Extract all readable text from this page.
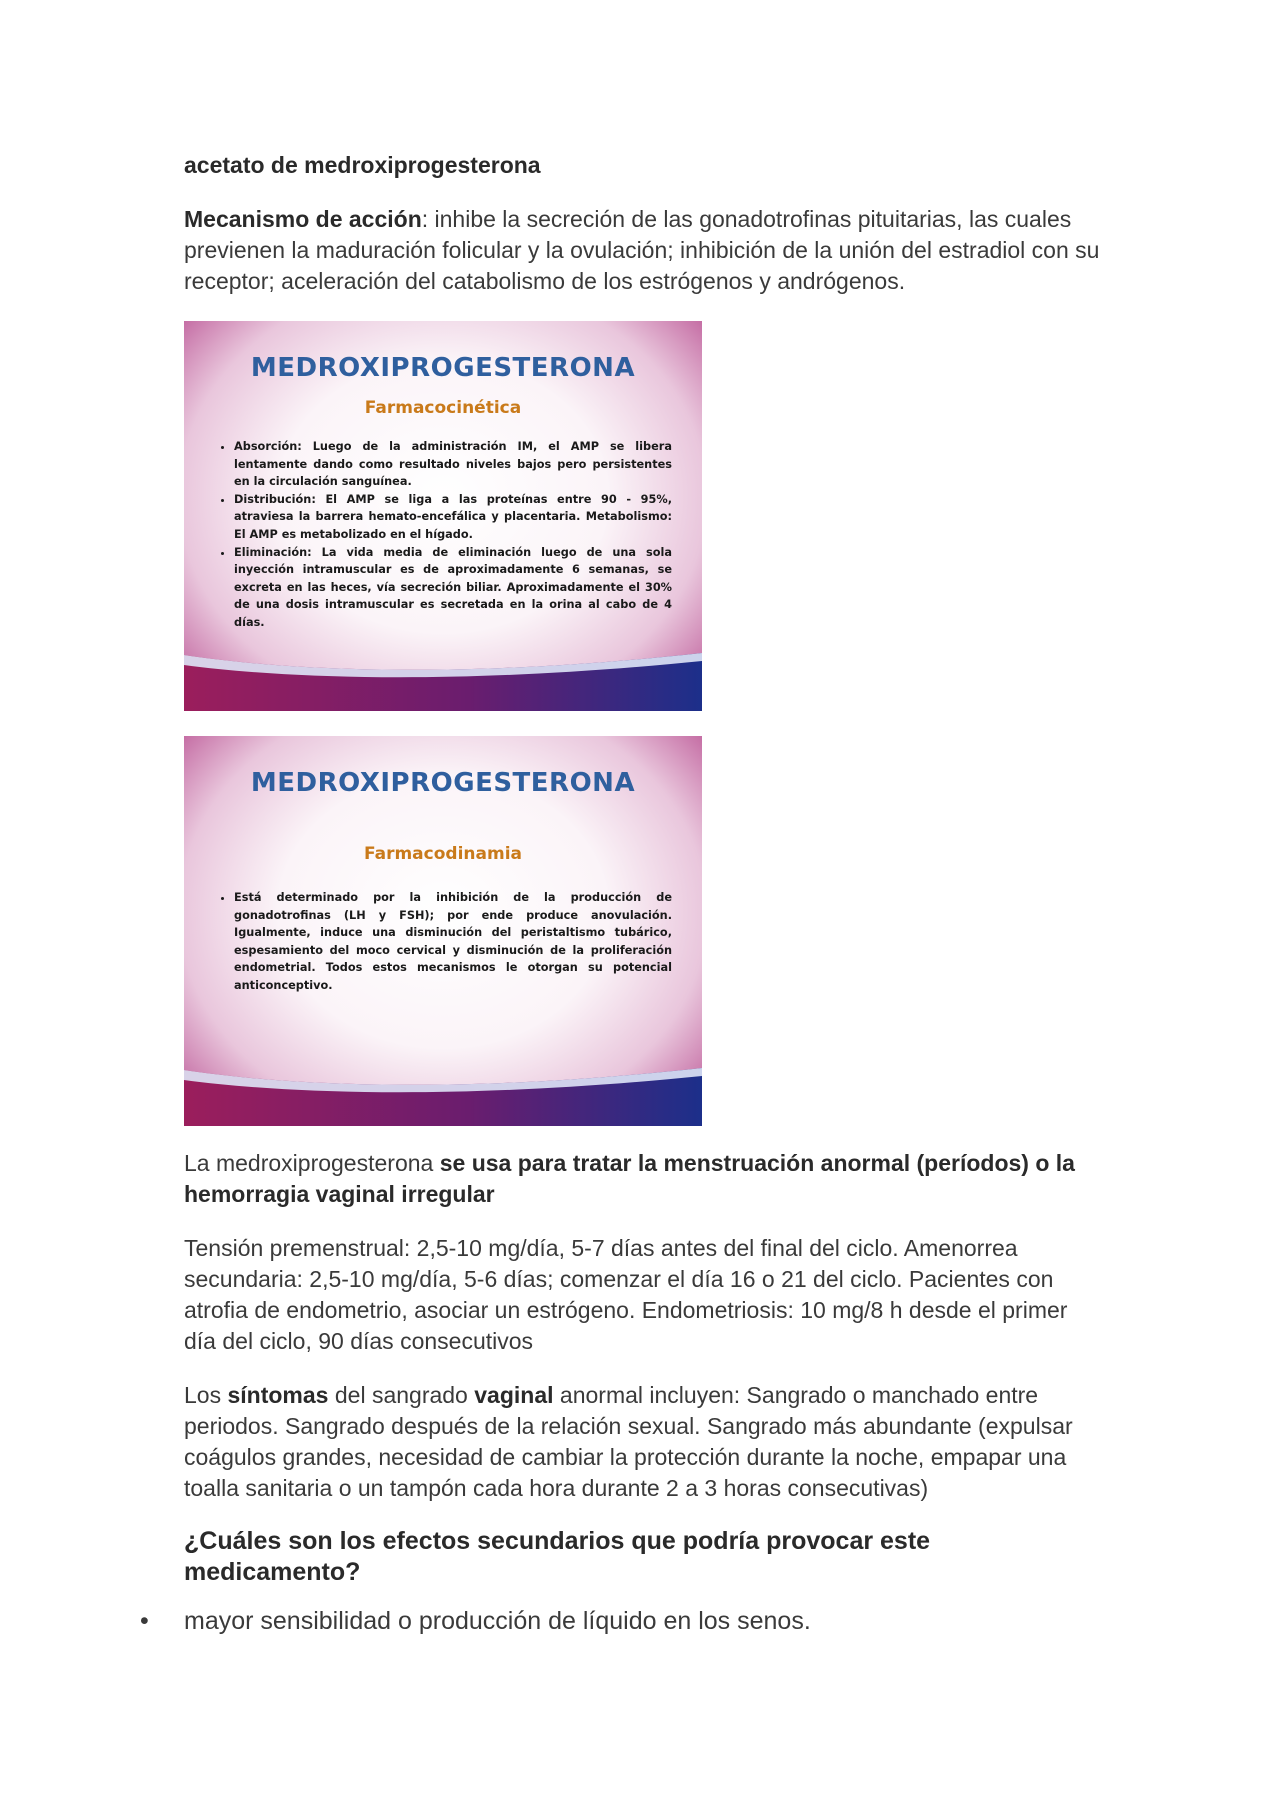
acetato de medroxiprogesterona
Mecanismo de acción: inhibe la secreción de las gonadotrofinas pituitarias, las cuales previenen la maduración folicular y la ovulación; inhibición de la unión del estradiol con su receptor; aceleración del catabolismo de los estrógenos y andrógenos.
MEDROXIPROGESTERONA
Farmacocinética
• Absorción: Luego de la administración IM, el AMP se libera lentamente dando como resultado niveles bajos pero persistentes en la circulación sanguínea.
• Distribución: El AMP se liga a las proteínas entre 90 - 95%, atraviesa la barrera hemato-encefálica y placentaria. Metabolismo: El AMP es metabolizado en el hígado.
• Eliminación: La vida media de eliminación luego de una sola inyección intramuscular es de aproximadamente 6 semanas, se excreta en las heces, vía secreción biliar. Aproximadamente el 30% de una dosis intramuscular es secretada en la orina al cabo de 4 días.
MEDROXIPROGESTERONA
Farmacodinamia
• Está determinado por la inhibición de la producción de gonadotrofinas (LH y FSH); por ende produce anovulación. Igualmente, induce una disminución del peristaltismo tubárico, espesamiento del moco cervical y disminución de la proliferación endometrial. Todos estos mecanismos le otorgan su potencial anticonceptivo.
La medroxiprogesterona se usa para tratar la menstruación anormal (períodos) o la hemorragia vaginal irregular
Tensión premenstrual: 2,5-10 mg/día, 5-7 días antes del final del ciclo. Amenorrea secundaria: 2,5-10 mg/día, 5-6 días; comenzar el día 16 o 21 del ciclo. Pacientes con atrofia de endometrio, asociar un estrógeno. Endometriosis: 10 mg/8 h desde el primer día del ciclo, 90 días consecutivos
Los síntomas del sangrado vaginal anormal incluyen: Sangrado o manchado entre periodos. Sangrado después de la relación sexual. Sangrado más abundante (expulsar coágulos grandes, necesidad de cambiar la protección durante la noche, empapar una toalla sanitaria o un tampón cada hora durante 2 a 3 horas consecutivas)
¿Cuáles son los efectos secundarios que podría provocar este medicamento?
• mayor sensibilidad o producción de líquido en los senos.
